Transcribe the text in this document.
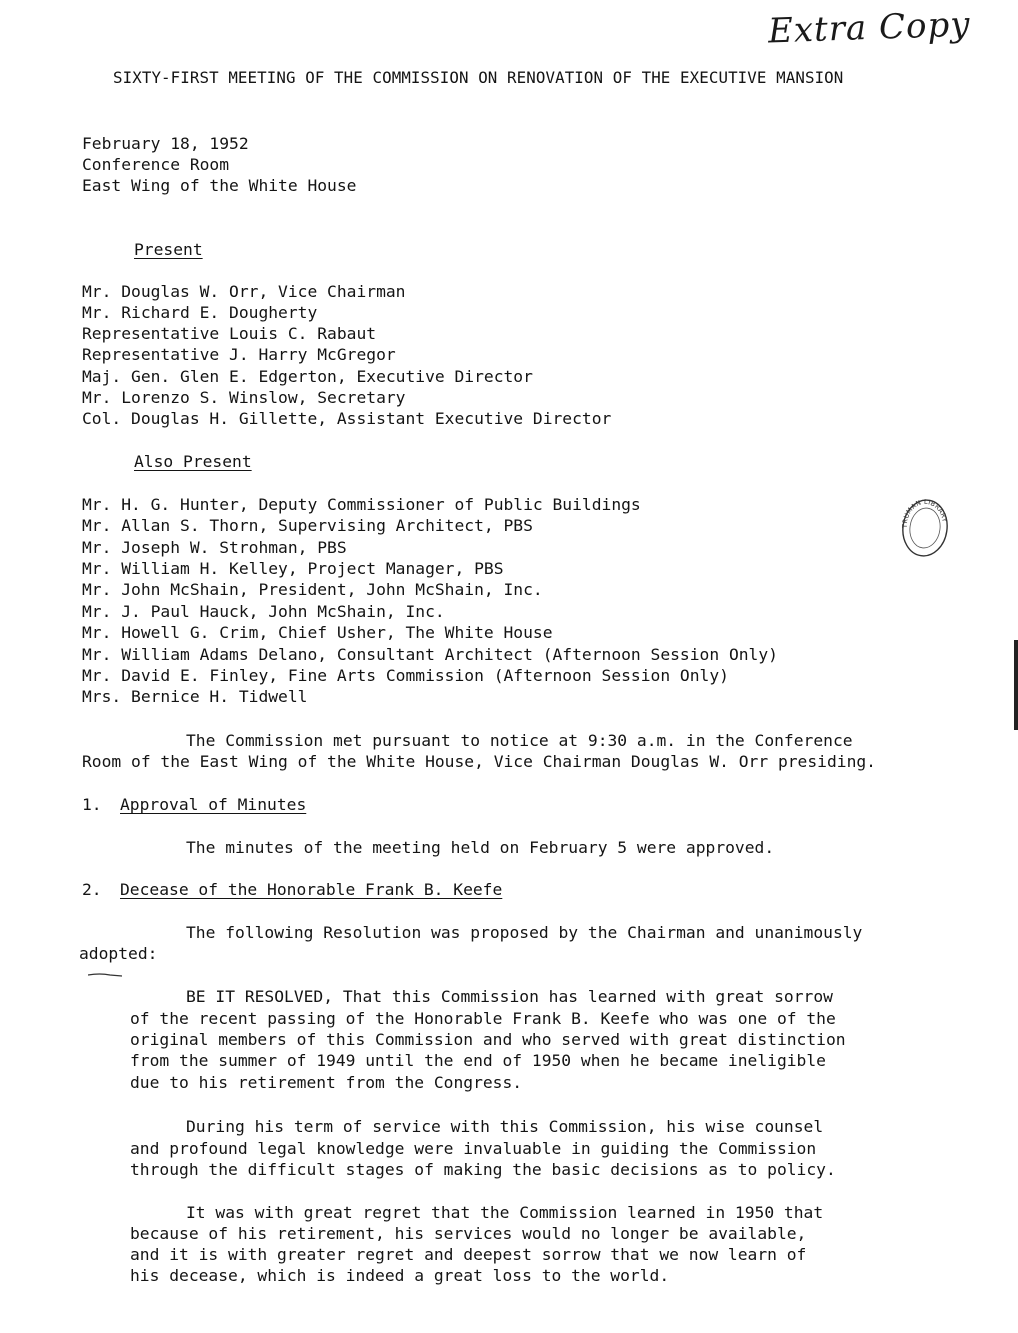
Extra Copy
SIXTY-FIRST MEETING OF THE COMMISSION ON RENOVATION OF THE EXECUTIVE MANSION
February 18, 1952
Conference Room
East Wing of the White House
Present
Mr. Douglas W. Orr, Vice Chairman
Mr. Richard E. Dougherty
Representative Louis C. Rabaut
Representative J. Harry McGregor
Maj. Gen. Glen E. Edgerton, Executive Director
Mr. Lorenzo S. Winslow, Secretary
Col. Douglas H. Gillette, Assistant Executive Director
Also Present
Mr. H. G. Hunter, Deputy Commissioner of Public Buildings
Mr. Allan S. Thorn, Supervising Architect, PBS
Mr. Joseph W. Strohman, PBS
Mr. William H. Kelley, Project Manager, PBS
Mr. John McShain, President, John McShain, Inc.
Mr. J. Paul Hauck, John McShain, Inc.
Mr. Howell G. Crim, Chief Usher, The White House
Mr. William Adams Delano, Consultant Architect (Afternoon Session Only)
Mr. David E. Finley, Fine Arts Commission (Afternoon Session Only)
Mrs. Bernice H. Tidwell
The Commission met pursuant to notice at 9:30 a.m. in the Conference
Room of the East Wing of the White House, Vice Chairman Douglas W. Orr presiding.
1. Approval of Minutes
The minutes of the meeting held on February 5 were approved.
2. Decease of the Honorable Frank B. Keefe
The following Resolution was proposed by the Chairman and unanimously
adopted:
BE IT RESOLVED, That this Commission has learned with great sorrow
of the recent passing of the Honorable Frank B. Keefe who was one of the
original members of this Commission and who served with great distinction
from the summer of 1949 until the end of 1950 when he became ineligible
due to his retirement from the Congress.
During his term of service with this Commission, his wise counsel
and profound legal knowledge were invaluable in guiding the Commission
through the difficult stages of making the basic decisions as to policy.
It was with great regret that the Commission learned in 1950 that
because of his retirement, his services would no longer be available,
and it is with greater regret and deepest sorrow that we now learn of
his decease, which is indeed a great loss to the world.
TRUMAN LIBRARY
